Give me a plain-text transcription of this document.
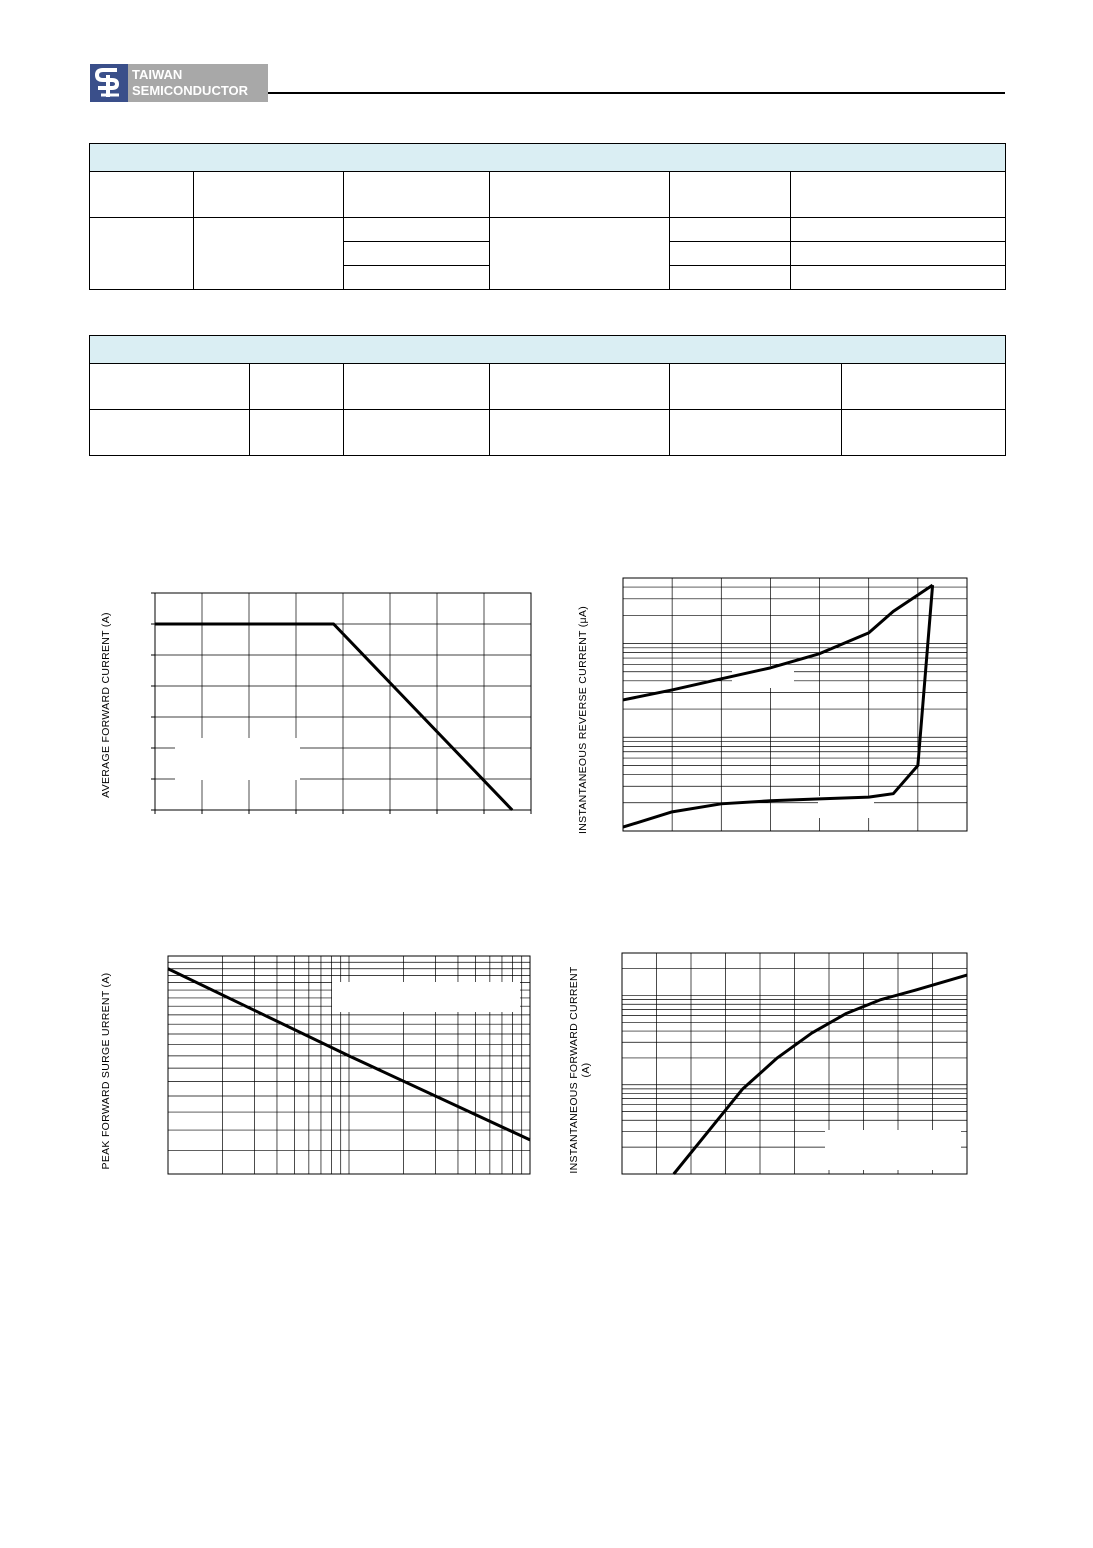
TAIWAN
SEMICONDUCTOR

AVERAGE FORWARD CURRENT (A)	INSTANTANEOUS REVERSE CURRENT (μA)
PEAK FORWARD SURGE URRENT (A)	INSTANTANEOUS FORWARD CURRENT (A)
